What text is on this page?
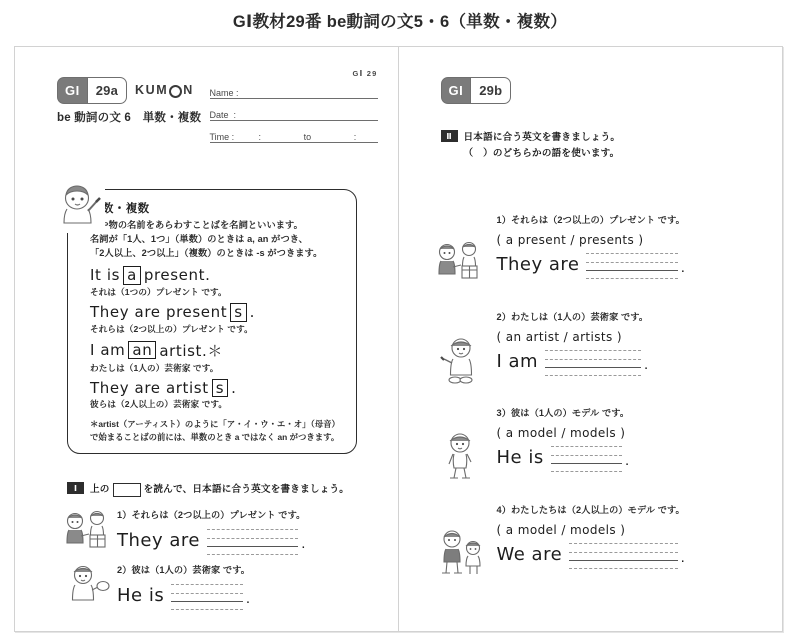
GⅠ教材29番 be動詞の文5・6（単数・複数）
GI	29a	KUM N
be 動詞の文 6　単数・複数
GⅠ 29
Name :
Date  :
Time :	:	to	:
単数・複数
人や物の名前をあらわすことばを名詞といいます。
名詞が「1人、1つ」（単数）のときは a, an がつき、
「2人以上、2つ以上」（複数）のときは -s がつきます。
It is a present.
それは（1つの）プレゼント です。
They are present s .
それらは（2つ以上の）プレゼント です。
I am an artist.＊
わたしは（1人の）芸術家 です。
They are artist s .
彼らは（2人以上の）芸術家 です。
＊artist（アーティスト）のように「ア・イ・ウ・エ・オ」（母音）で始まることばの前には、単数のとき a ではなく an がつきます。
Ⅰ	上の	を読んで、日本語に合う英文を書きましょう。
1）それらは（2つ以上の）プレゼント です。
They are	.
2）彼は（1人の）芸術家 です。
He is	.
GI	29b
Ⅱ	日本語に合う英文を書きましょう。
（　）のどちらかの語を使います。
1）それらは（2つ以上の）プレゼント です。
( a present / presents )
They are	.
2）わたしは（1人の）芸術家 です。
( an artist / artists )
I am	.
3）彼は（1人の）モデル です。
( a model / models )
He is	.
4）わたしたちは（2人以上の）モデル です。
( a model / models )
We are	.
